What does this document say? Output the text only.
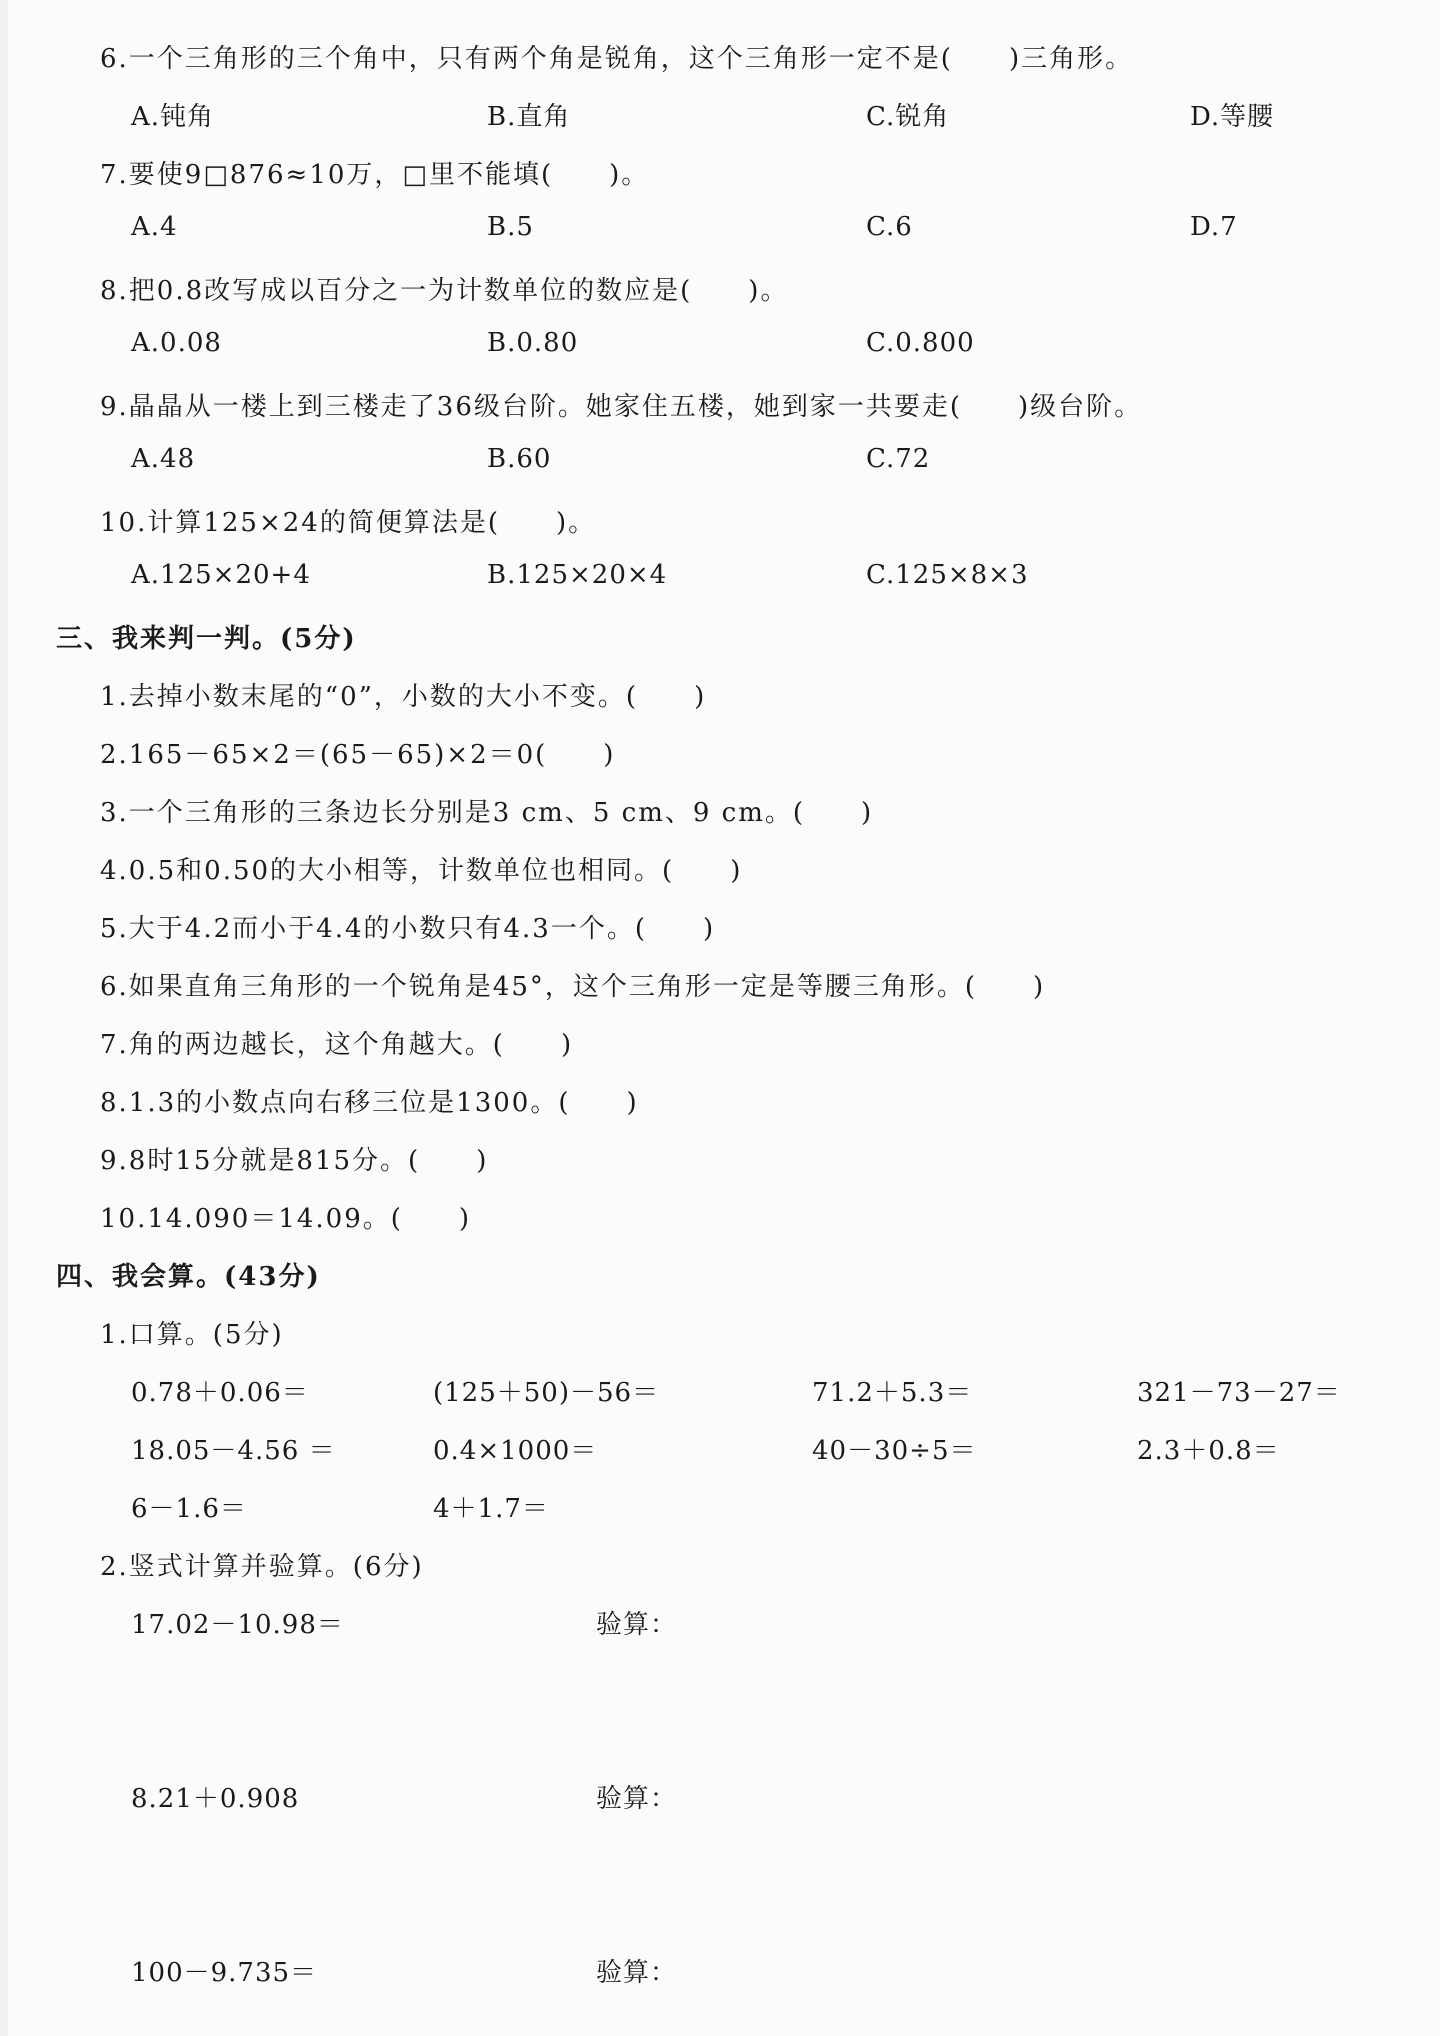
6.一个三角形的三个角中，只有两个角是锐角，这个三角形一定不是(　　)三角形。
A.钝角	B.直角	C.锐角	D.等腰
7.要使9□876≈10万，□里不能填(　　)。
A.4	B.5	C.6	D.7
8.把0.8改写成以百分之一为计数单位的数应是(　　)。
A.0.08	B.0.80	C.0.800
9.晶晶从一楼上到三楼走了36级台阶。她家住五楼，她到家一共要走(　　)级台阶。
A.48	B.60	C.72
10.计算125×24的简便算法是(　　)。
A.125×20+4	B.125×20×4	C.125×8×3
三、我来判一判。(5分)
1.去掉小数末尾的“0”，小数的大小不变。(　　)
2.165－65×2＝(65－65)×2＝0(　　)
3.一个三角形的三条边长分别是3 cm、5 cm、9 cm。(　　)
4.0.5和0.50的大小相等，计数单位也相同。(　　)
5.大于4.2而小于4.4的小数只有4.3一个。(　　)
6.如果直角三角形的一个锐角是45°，这个三角形一定是等腰三角形。(　　)
7.角的两边越长，这个角越大。(　　)
8.1.3的小数点向右移三位是1300。(　　)
9.8时15分就是815分。(　　)
10.14.090＝14.09。(　　)
四、我会算。(43分)
1.口算。(5分)
0.78＋0.06＝	(125＋50)－56＝	71.2＋5.3＝	321－73－27＝
18.05－4.56 ＝	0.4×1000＝	40－30÷5＝	2.3＋0.8＝
6－1.6＝	4＋1.7＝
2.竖式计算并验算。(6分)
17.02－10.98＝	验算：
8.21＋0.908	验算：
100－9.735＝	验算：
